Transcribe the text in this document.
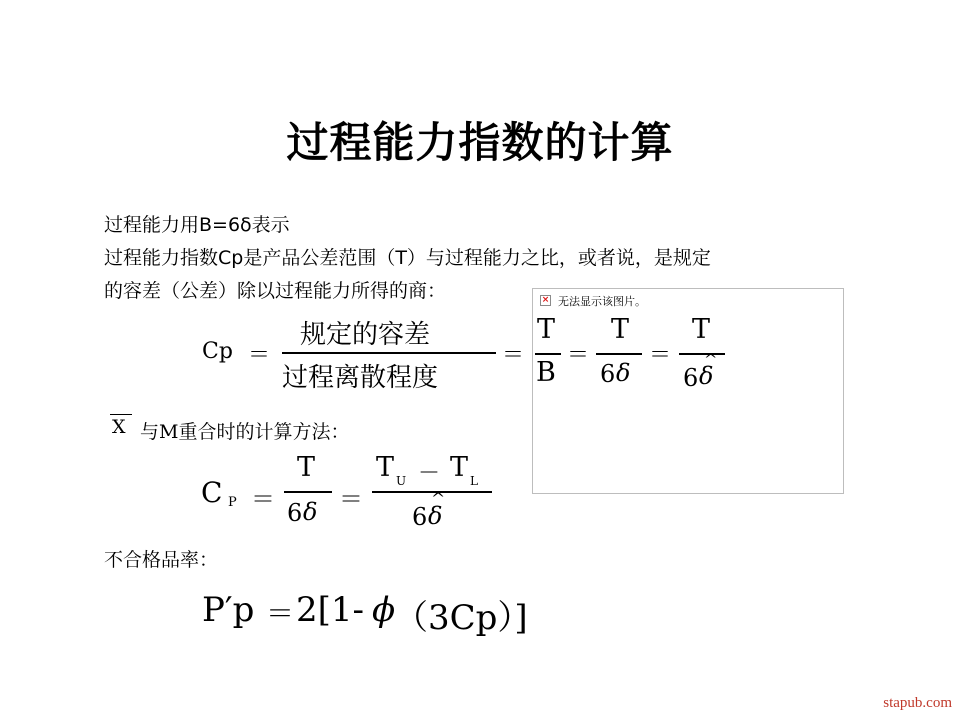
过程能力指数的计算
过程能力用B=6δ表示
过程能力指数Cp是产品公差范围（T）与过程能力之比，或者说，是规定
的容差（公差）除以过程能力所得的商：
Cp ＝
规定的容差
过程离散程度
× 无法显示该图片。
＝
T
B
＝
T
6 δ
＝
T
6 δ
^
X 与M重合时的计算方法：
C P ＝
T
6 δ ＝
T U － T L
6 δ
^
不合格品率：
P′p ＝ 2[1- ϕ
（3Cp）]
stapub.com
